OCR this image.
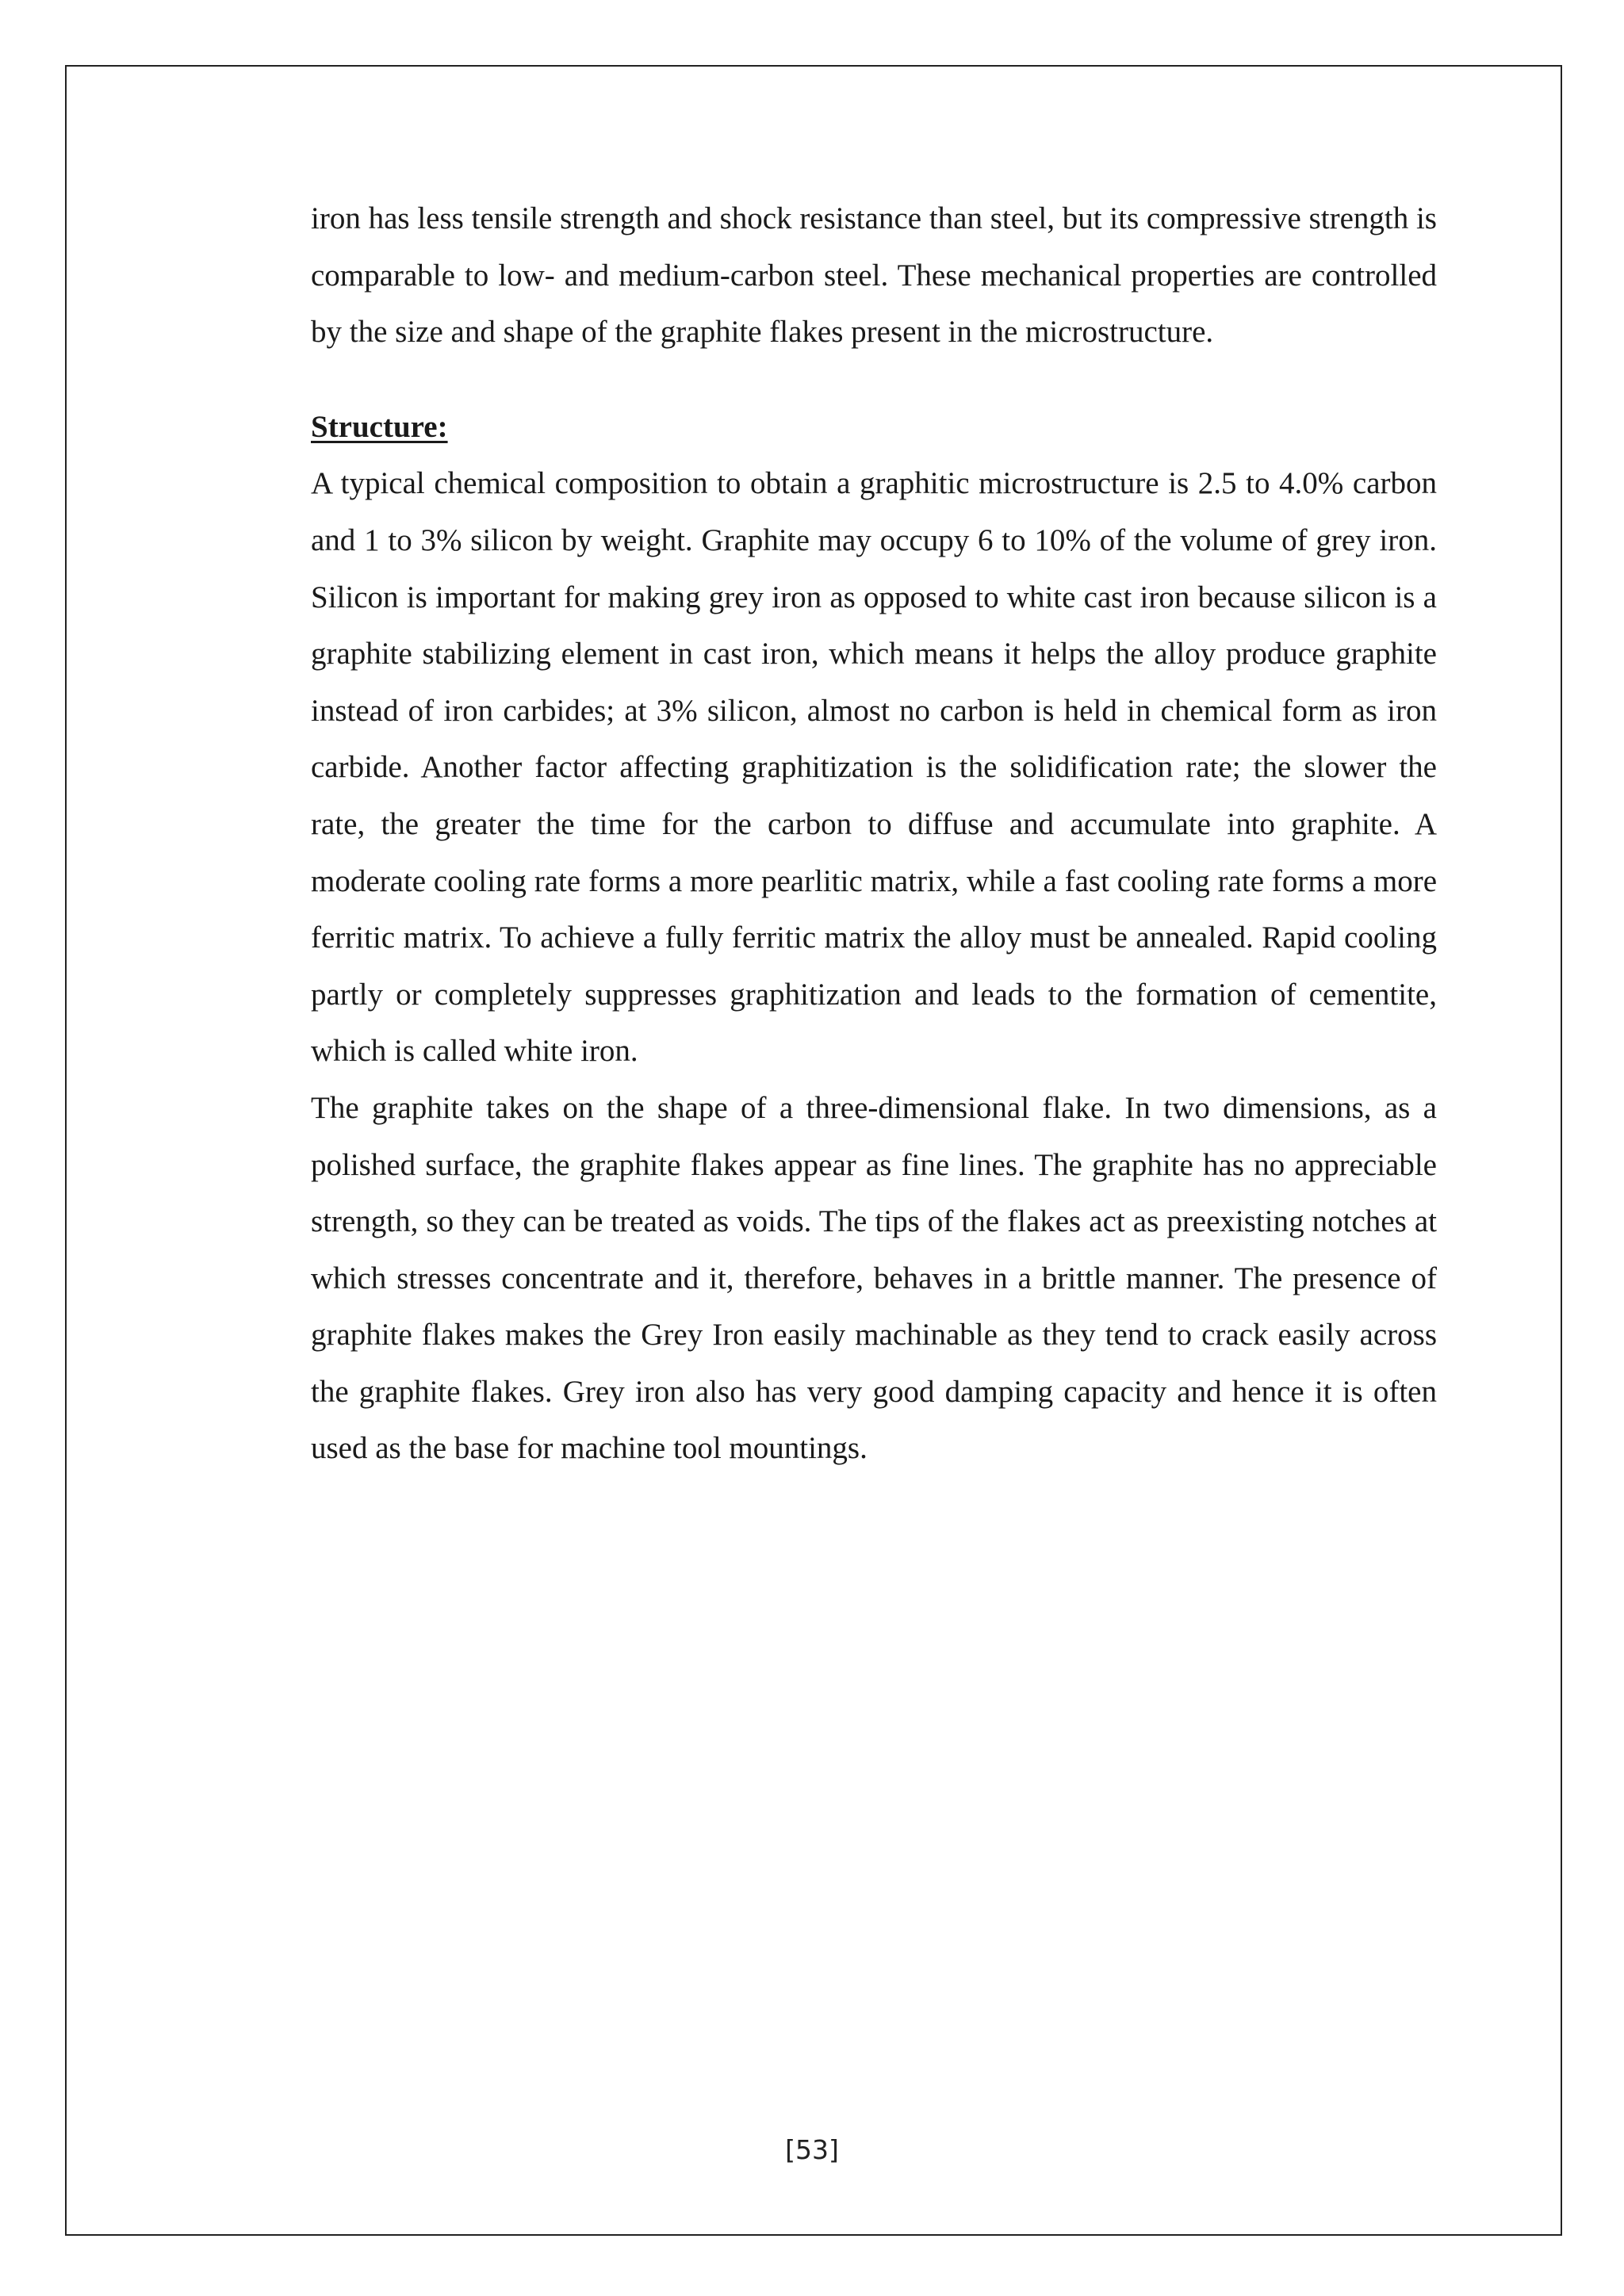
iron has less tensile strength and shock resistance than steel, but its compressive strength is comparable to low- and medium-carbon steel. These mechanical properties are controlled by the size and shape of the graphite flakes present in the microstructure.

Structure:

A typical chemical composition to obtain a graphitic microstructure is 2.5 to 4.0% carbon and 1 to 3% silicon by weight. Graphite may occupy 6 to 10% of the volume of grey iron. Silicon is important for making grey iron as opposed to white cast iron because silicon is a graphite stabilizing element in cast iron, which means it helps the alloy produce graphite instead of iron carbides; at 3% silicon, almost no carbon is held in chemical form as iron carbide. Another factor affecting graphitization is the solidification rate; the slower the rate, the greater the time for the carbon to diffuse and accumulate into graphite. A moderate cooling rate forms a more pearlitic matrix, while a fast cooling rate forms a more ferritic matrix. To achieve a fully ferritic matrix the alloy must be annealed. Rapid cooling partly or completely suppresses graphitization and leads to the formation of cementite, which is called white iron.

The graphite takes on the shape of a three-dimensional flake. In two dimensions, as a polished surface, the graphite flakes appear as fine lines. The graphite has no appreciable strength, so they can be treated as voids. The tips of the flakes act as preexisting notches at which stresses concentrate and it, therefore, behaves in a brittle manner. The presence of graphite flakes makes the Grey Iron easily machinable as they tend to crack easily across the graphite flakes. Grey iron also has very good damping capacity and hence it is often used as the base for machine tool mountings.

[53]
